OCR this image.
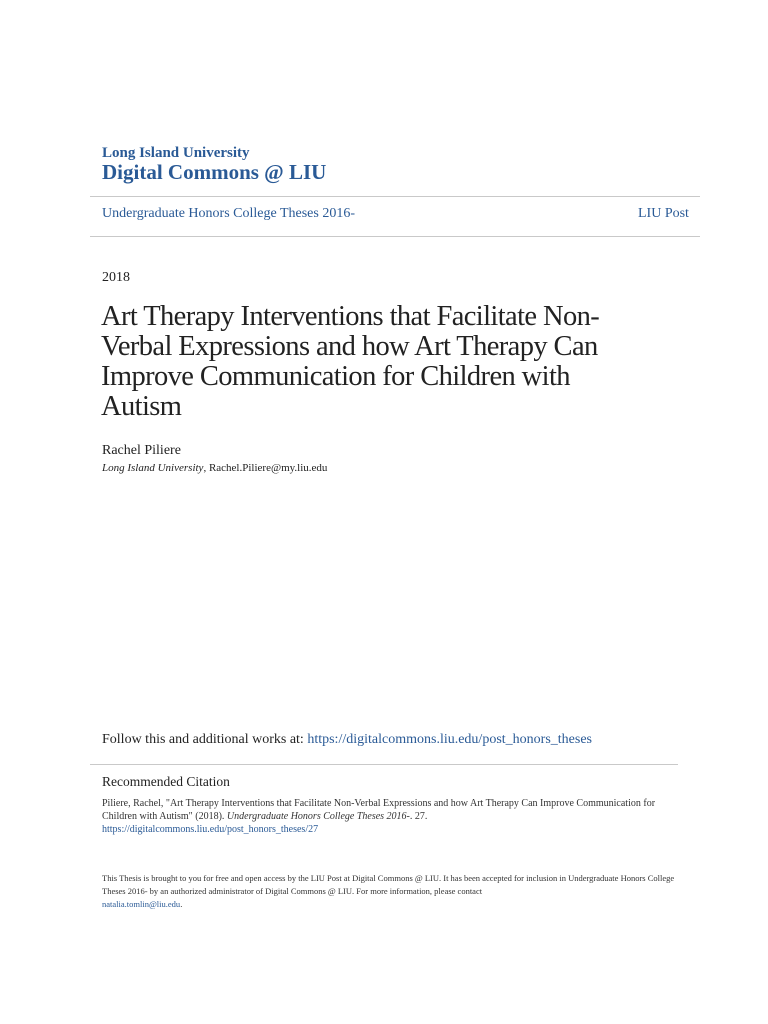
Long Island University
Digital Commons @ LIU
Undergraduate Honors College Theses 2016-	LIU Post
2018
Art Therapy Interventions that Facilitate Non-Verbal Expressions and how Art Therapy Can Improve Communication for Children with Autism
Rachel Piliere
Long Island University, Rachel.Piliere@my.liu.edu
Follow this and additional works at: https://digitalcommons.liu.edu/post_honors_theses
Recommended Citation
Piliere, Rachel, "Art Therapy Interventions that Facilitate Non-Verbal Expressions and how Art Therapy Can Improve Communication for Children with Autism" (2018). Undergraduate Honors College Theses 2016-. 27.
https://digitalcommons.liu.edu/post_honors_theses/27
This Thesis is brought to you for free and open access by the LIU Post at Digital Commons @ LIU. It has been accepted for inclusion in Undergraduate Honors College Theses 2016- by an authorized administrator of Digital Commons @ LIU. For more information, please contact
natalia.tomlin@liu.edu.
